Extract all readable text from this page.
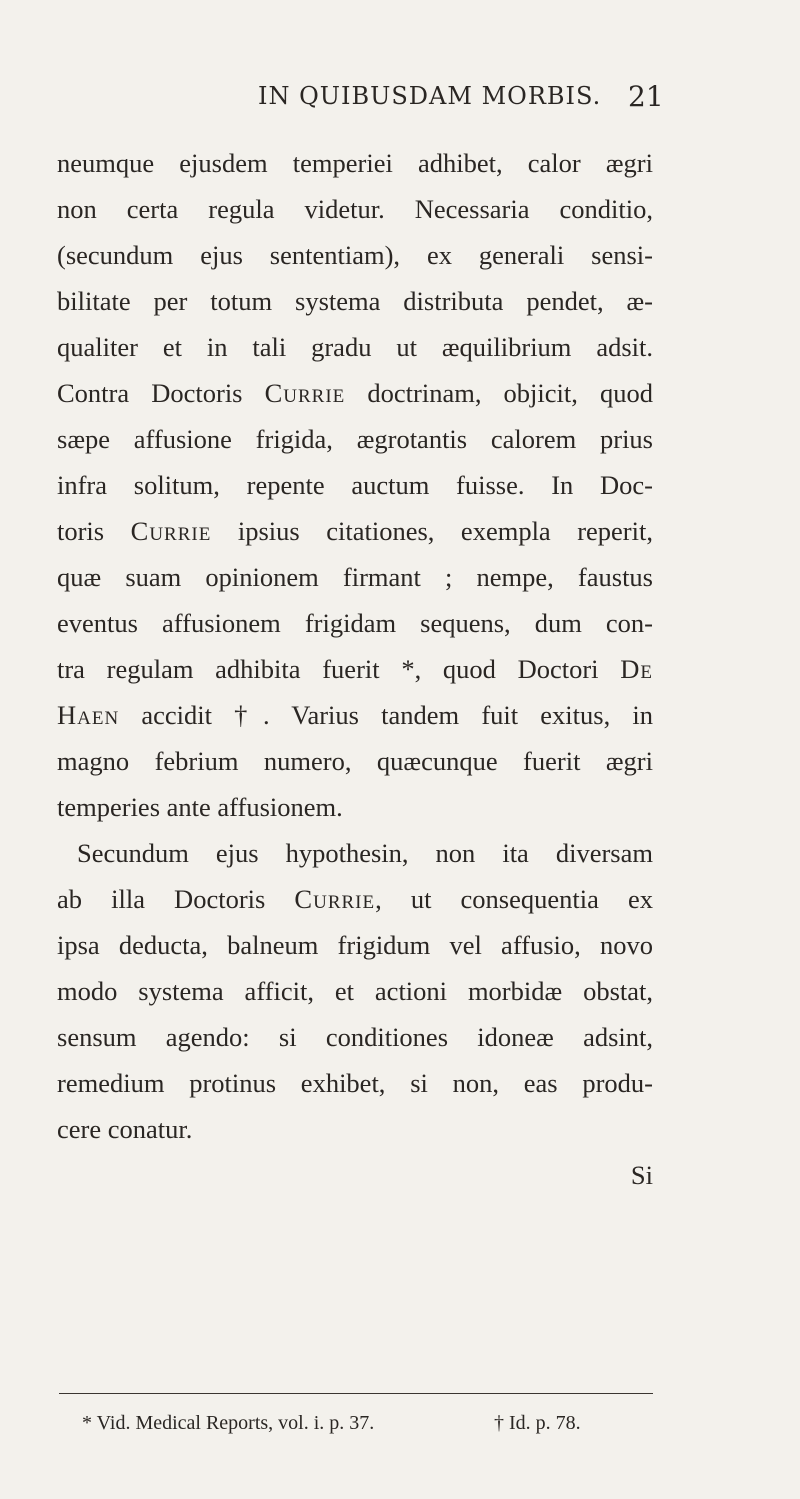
IN QUIBUSDAM MORBIS. 21
neumque ejusdem temperiei adhibet, calor ægri
non certa regula videtur. Necessaria conditio,
(secundum ejus sententiam), ex generali sensi-
bilitate per totum systema distributa pendet, æ-
qualiter et in tali gradu ut æquilibrium adsit.
Contra Doctoris Currie doctrinam, objicit, quod
sæpe affusione frigida, ægrotantis calorem prius
infra solitum, repente auctum fuisse. In Doc-
toris Currie ipsius citationes, exempla reperit,
quæ suam opinionem firmant ; nempe, faustus
eventus affusionem frigidam sequens, dum con-
tra regulam adhibita fuerit *, quod Doctori De
Haen accidit †. Varius tandem fuit exitus, in
magno febrium numero, quæcunque fuerit ægri
temperies ante affusionem.
Secundum ejus hypothesin, non ita diversam
ab illa Doctoris Currie, ut consequentia ex
ipsa deducta, balneum frigidum vel affusio, novo
modo systema afficit, et actioni morbidæ obstat,
sensum agendo: si conditiones idoneæ adsint,
remedium protinus exhibet, si non, eas produ-
cere conatur.
Si
* Vid. Medical Reports, vol. i. p. 37.	† Id. p. 78.
